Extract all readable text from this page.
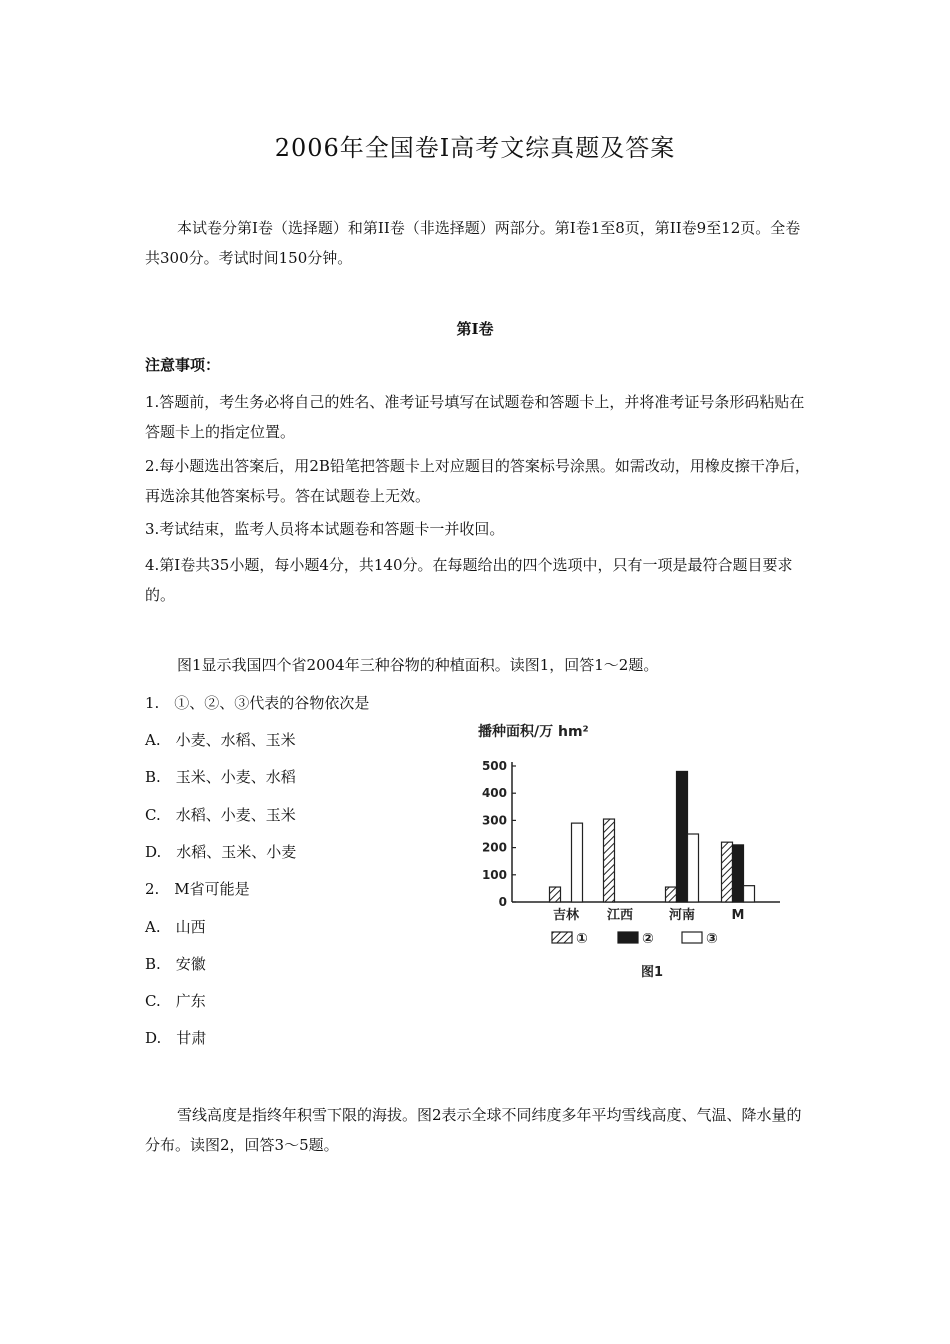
2006年全国卷Ⅰ高考文综真题及答案

本试卷分第I卷（选择题）和第II卷（非选择题）两部分。第I卷1至8页，第II卷9至12页。全卷共300分。考试时间150分钟。

第I卷

注意事项：

1.答题前，考生务必将自己的姓名、准考证号填写在试题卷和答题卡上，并将准考证号条形码粘贴在答题卡上的指定位置。

2.每小题选出答案后，用2B铅笔把答题卡上对应题目的答案标号涂黑。如需改动，用橡皮擦干净后，再选涂其他答案标号。答在试题卷上无效。

3.考试结束，监考人员将本试题卷和答题卡一并收回。

4.第I卷共35小题，每小题4分，共140分。在每题给出的四个选项中，只有一项是最符合题目要求的。

图1显示我国四个省2004年三种谷物的种植面积。读图1，回答1～2题。

1.　①、②、③代表的谷物依次是

A.　小麦、水稻、玉米

B.　玉米、小麦、水稻

C.　水稻、小麦、玉米

D.　水稻、玉米、小麦

2.　M省可能是

A.　山西

B.　安徽

C.　广东

D.　甘肃

播种面积/万 hm²
0
100
200
300
400
500
吉林 江西	河南	M
①	②	③
图1

雪线高度是指终年积雪下限的海拔。图2表示全球不同纬度多年平均雪线高度、气温、降水量的分布。读图2，回答3～5题。
